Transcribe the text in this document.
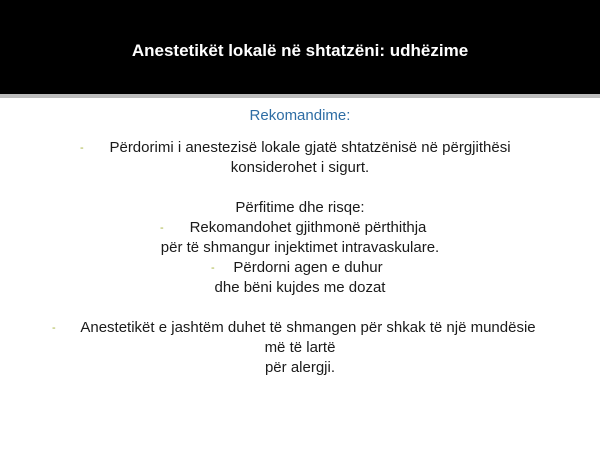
Anestetikët lokalë në shtatzëni: udhëzime
Rekomandime:
-	Përdorimi i anestezisë lokale gjatë shtatzënisë në përgjithësi
konsiderohet i sigurt.
Përfitime dhe risqe:
-	Rekomandohet gjithmonë përthithja
për të shmangur injektimet intravaskulare.
-	Përdorni agen e duhur
dhe bëni kujdes me dozat
-	Anestetikët e jashtëm duhet të shmangen për shkak të një mundësie
më të lartë
për alergji.
